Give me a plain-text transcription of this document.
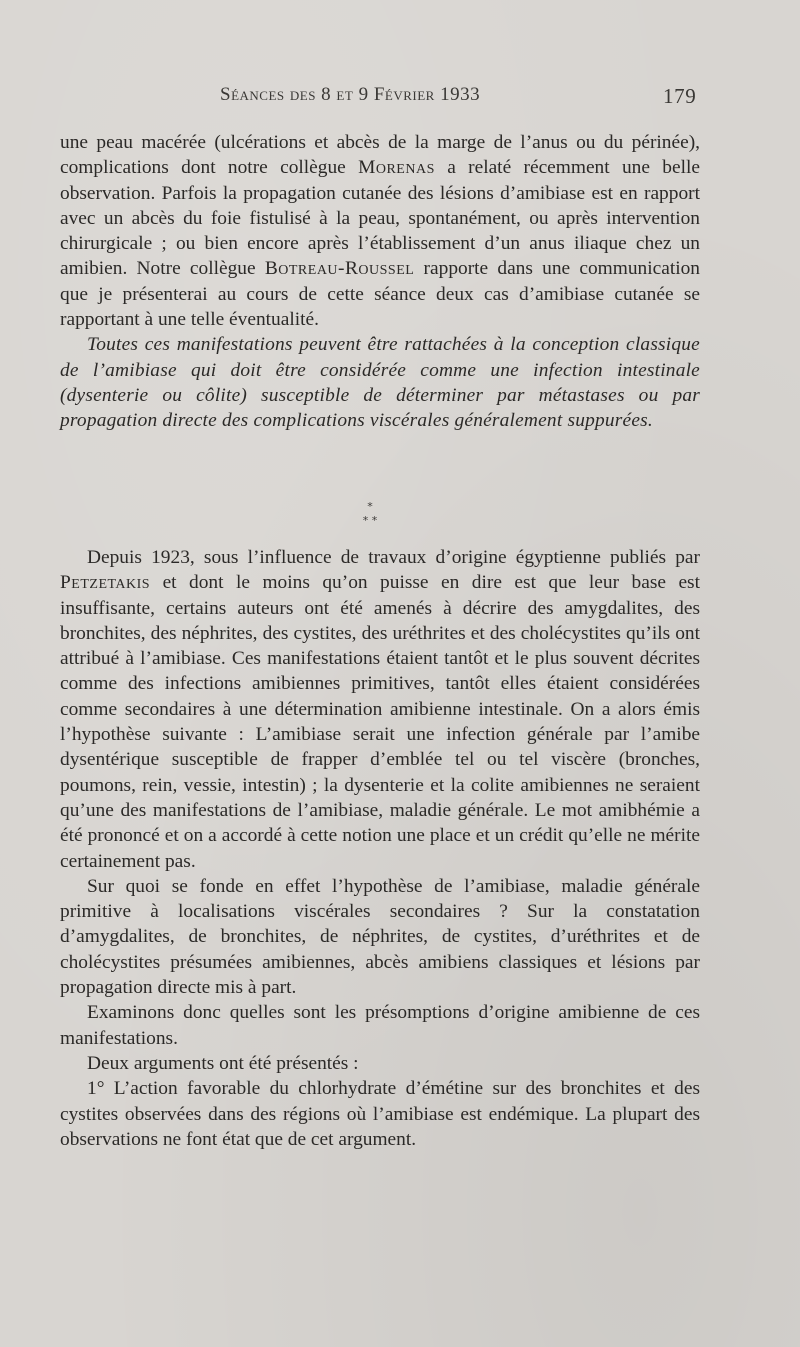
Séances des 8 et 9 Février 1933	179

une peau macérée (ulcérations et abcès de la marge de l’anus ou du périnée), complications dont notre collègue Morenas a relaté récemment une belle observation. Parfois la propagation cutanée des lésions d’amibiase est en rapport avec un abcès du foie fistulisé à la peau, spontanément, ou après intervention chirurgicale ; ou bien encore après l’établissement d’un anus iliaque chez un amibien. Notre collègue Botreau-Roussel rapporte dans une communication que je présenterai au cours de cette séance deux cas d’amibiase cutanée se rapportant à une telle éventualité.

Toutes ces manifestations peuvent être rattachées à la conception classique de l’amibiase qui doit être considérée comme une infection intestinale (dysenterie ou côlite) susceptible de déterminer par métastases ou par propagation directe des complications viscérales généralement suppurées.

*
* *

Depuis 1923, sous l’influence de travaux d’origine égyptienne publiés par Petzetakis et dont le moins qu’on puisse en dire est que leur base est insuffisante, certains auteurs ont été amenés à décrire des amygdalites, des bronchites, des néphrites, des cystites, des uréthrites et des cholécystites qu’ils ont attribué à l’amibiase. Ces manifestations étaient tantôt et le plus souvent décrites comme des infections amibiennes primitives, tantôt elles étaient considérées comme secondaires à une détermination amibienne intestinale. On a alors émis l’hypothèse suivante : L’amibiase serait une infection générale par l’amibe dysentérique susceptible de frapper d’emblée tel ou tel viscère (bronches, poumons, rein, vessie, intestin) ; la dysenterie et la colite amibiennes ne seraient qu’une des manifestations de l’amibiase, maladie générale. Le mot amibhémie a été prononcé et on a accordé à cette notion une place et un crédit qu’elle ne mérite certainement pas.

Sur quoi se fonde en effet l’hypothèse de l’amibiase, maladie générale primitive à localisations viscérales secondaires ? Sur la constatation d’amygdalites, de bronchites, de néphrites, de cystites, d’uréthrites et de cholécystites présumées amibiennes, abcès amibiens classiques et lésions par propagation directe mis à part.

Examinons donc quelles sont les présomptions d’origine amibienne de ces manifestations.

Deux arguments ont été présentés :

1° L’action favorable du chlorhydrate d’émétine sur des bronchites et des cystites observées dans des régions où l’amibiase est endémique. La plupart des observations ne font état que de cet argument.
